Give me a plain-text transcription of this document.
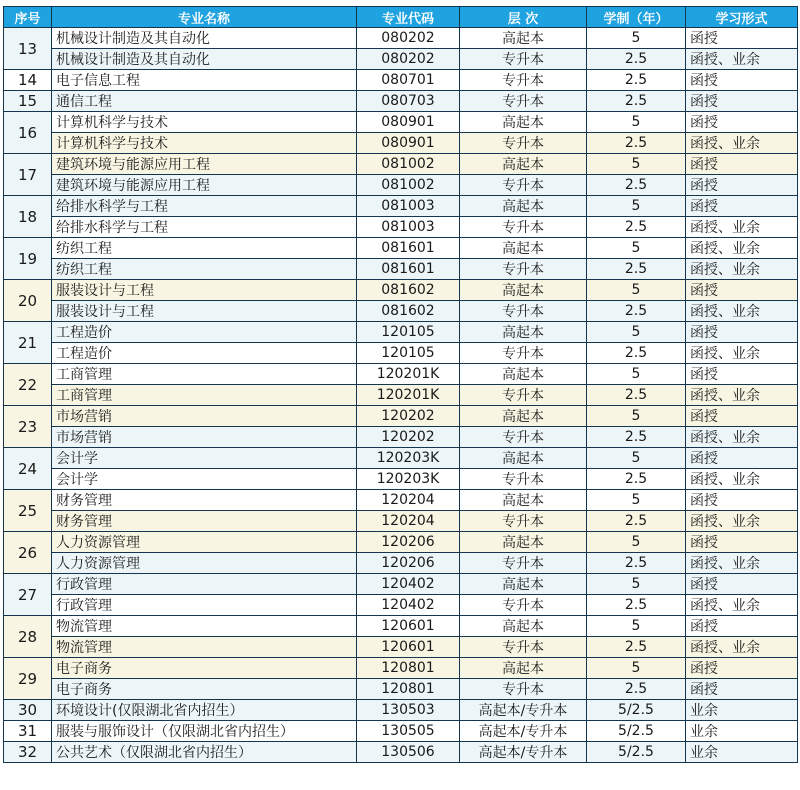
序号	专业名称	专业代码	层 次	学制（年）	学习形式
13	机械设计制造及其自动化	080202	高起本	5	函授
	机械设计制造及其自动化	080202	专升本	2.5	函授、业余
14	电子信息工程	080701	专升本	2.5	函授
15	通信工程	080703	专升本	2.5	函授
16	计算机科学与技术	080901	高起本	5	函授
	计算机科学与技术	080901	专升本	2.5	函授、业余
17	建筑环境与能源应用工程	081002	高起本	5	函授
	建筑环境与能源应用工程	081002	专升本	2.5	函授
18	给排水科学与工程	081003	高起本	5	函授
	给排水科学与工程	081003	专升本	2.5	函授、业余
19	纺织工程	081601	高起本	5	函授、业余
	纺织工程	081601	专升本	2.5	函授、业余
20	服装设计与工程	081602	高起本	5	函授
	服装设计与工程	081602	专升本	2.5	函授、业余
21	工程造价	120105	高起本	5	函授
	工程造价	120105	专升本	2.5	函授、业余
22	工商管理	120201K	高起本	5	函授
	工商管理	120201K	专升本	2.5	函授、业余
23	市场营销	120202	高起本	5	函授
	市场营销	120202	专升本	2.5	函授、业余
24	会计学	120203K	高起本	5	函授
	会计学	120203K	专升本	2.5	函授、业余
25	财务管理	120204	高起本	5	函授
	财务管理	120204	专升本	2.5	函授、业余
26	人力资源管理	120206	高起本	5	函授
	人力资源管理	120206	专升本	2.5	函授、业余
27	行政管理	120402	高起本	5	函授
	行政管理	120402	专升本	2.5	函授、业余
28	物流管理	120601	高起本	5	函授
	物流管理	120601	专升本	2.5	函授、业余
29	电子商务	120801	高起本	5	函授
	电子商务	120801	专升本	2.5	函授
30	环境设计(仅限湖北省内招生）	130503	高起本/专升本	5/2.5	业余
31	服装与服饰设计（仅限湖北省内招生）	130505	高起本/专升本	5/2.5	业余
32	公共艺术（仅限湖北省内招生）	130506	高起本/专升本	5/2.5	业余
